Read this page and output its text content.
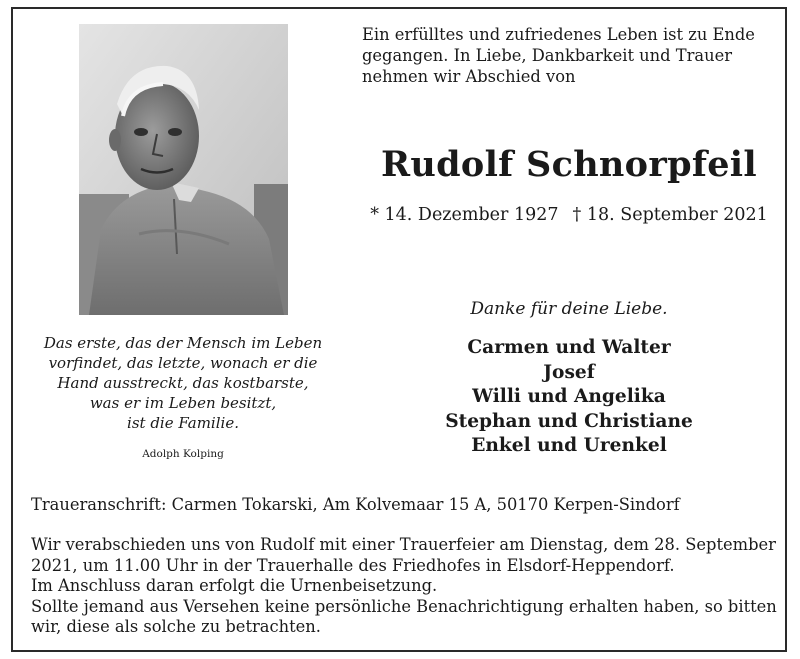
Ein erfülltes und zufriedenes Leben ist zu Ende
gegangen. In Liebe, Dankbarkeit und Trauer
nehmen wir Abschied von
Rudolf Schnorpfeil
* 14. Dezember 1927 † 18. September 2021
Danke für deine Liebe.
Carmen und Walter
Josef
Willi und Angelika
Stephan und Christiane
Enkel und Urenkel
Das erste, das der Mensch im Leben
vorfindet, das letzte, wonach er die
Hand ausstreckt, das kostbarste,
was er im Leben besitzt,
ist die Familie.
Adolph Kolping
Traueranschrift: Carmen Tokarski, Am Kolvemaar 15 A, 50170 Kerpen-Sindorf
Wir verabschieden uns von Rudolf mit einer Trauerfeier am Dienstag, dem 28. September
2021, um 11.00 Uhr in der Trauerhalle des Friedhofes in Elsdorf-Heppendorf.
Im Anschluss daran erfolgt die Urnenbeisetzung.
Sollte jemand aus Versehen keine persönliche Benachrichtigung erhalten haben, so bitten
wir, diese als solche zu betrachten.
